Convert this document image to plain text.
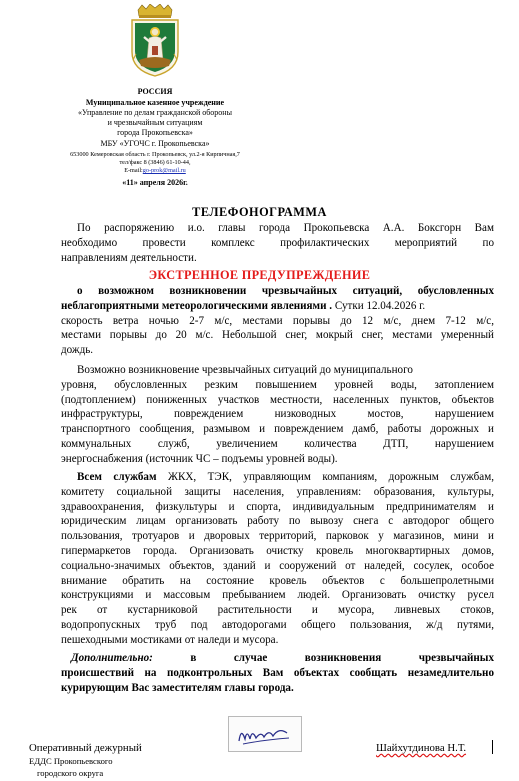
РОССИЯ
Муниципальное казенное учреждение
«Управление по делам гражданской обороны
и чрезвычайным ситуациям
города Прокопьевска»
МБУ «УГОЧС г. Прокопьевска»
653000 Кемеровская область г. Прокопьевск, ул.2-я Кирпичная,7
тел/факс 8 (3846) 61-10-44,
E-mail:go-prok@mail.ru
«11» апреля 2026г.
ТЕЛЕФОНОГРАММА
По распоряжению и.о. главы города Прокопьевска А.А. Боксгорн Вам
необходимо провести комплекс профилактических мероприятий по
направлениям деятельности.
ЭКСТРЕННОЕ ПРЕДУПРЕЖДЕНИЕ
о возможном возникновении чрезвычайных ситуаций, обусловленных
неблагоприятными метеорологическими явлениями . Сутки 12.04.2026 г.
скорость ветра ночью 2-7 м/с, местами порывы до 12 м/с, днем 7-12 м/с,
местами порывы до 20 м/с. Небольшой снег, мокрый снег, местами умеренный
дождь.
Возможно возникновение чрезвычайных ситуаций до муниципального
уровня, обусловленных резким повышением уровней воды, затоплением
(подтоплением) пониженных участков местности, населенных пунктов, объектов
инфраструктуры, повреждением низководных мостов, нарушением
транспортного сообщения, размывом и повреждением дамб, работы дорожных и
коммунальных служб, увеличением количества ДТП, нарушением
энергоснабжения (источник ЧС – подъемы уровней воды).
Всем службам ЖКХ, ТЭК, управляющим компаниям, дорожным службам,
комитету социальной защиты населения, управлениям: образования, культуры,
здравоохранения, физкультуры и спорта, индивидуальным предпринимателям и
юридическим лицам организовать работу по вывозу снега с автодорог общего
пользования, тротуаров и дворовых территорий, парковок у магазинов, мини и
гипермаркетов города. Организовать очистку кровель многоквартирных домов,
социально-значимых объектов, зданий и сооружений от наледей, сосулек, особое
внимание обратить на состояние кровель объектов с большепролетными
конструкциями и массовым пребыванием людей. Организовать очистку русел
рек от кустарниковой растительности и мусора, ливневых стоков,
водопропускных труб под автодорогами общего пользования, ж/д путями,
пешеходными мостиками от наледи и мусора.
Дополнительно: в случае возникновения чрезвычайных
происшествий на подконтрольных Вам объектах сообщать незамедлительно
курирующим Вас заместителям главы города.
Оперативный дежурный
ЕДДС Прокопьевского
городского округа
Шайхутдинова Н.Т.
